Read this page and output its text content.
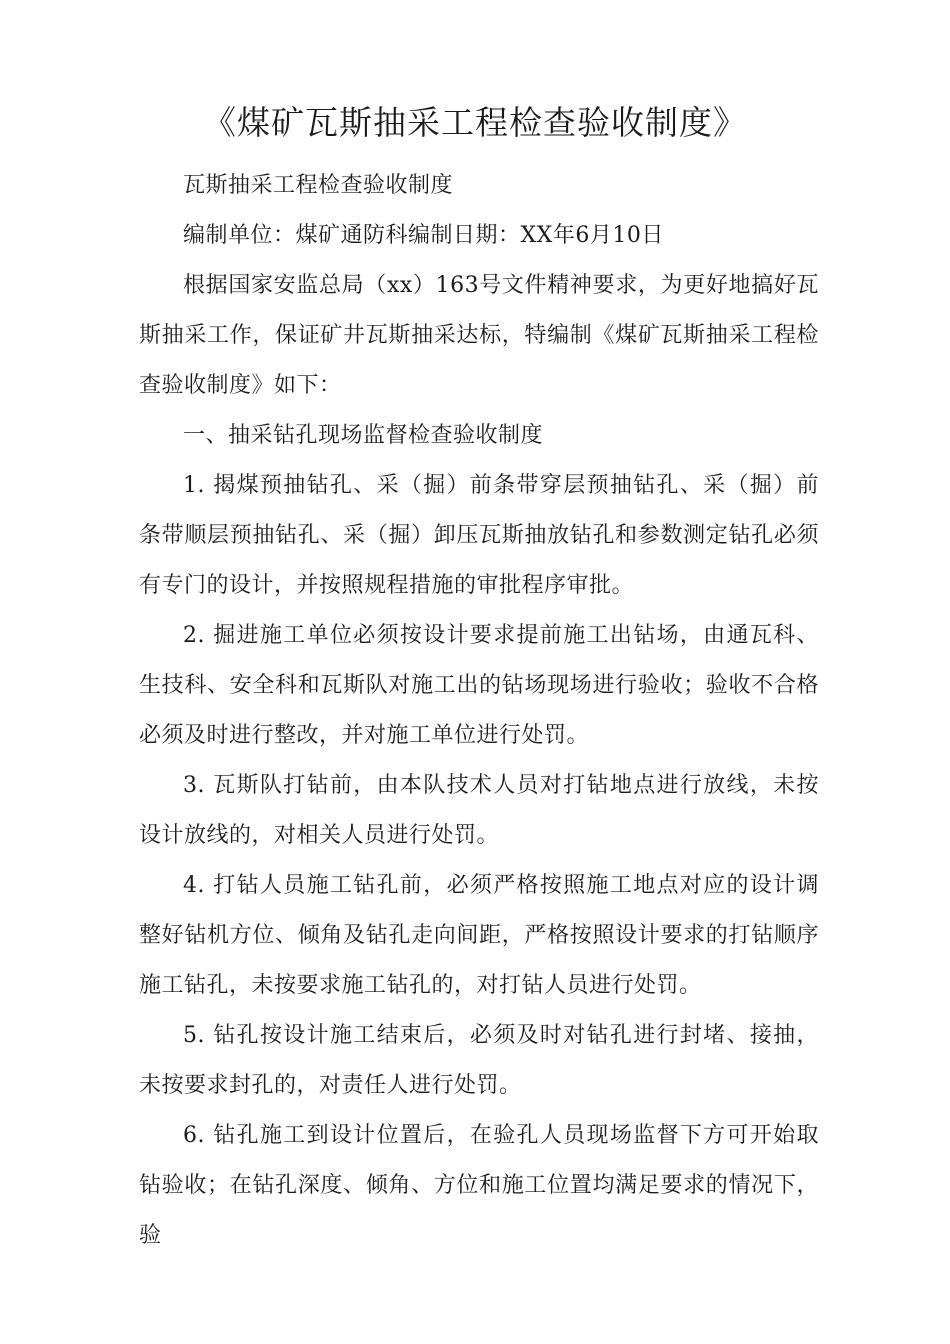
《煤矿瓦斯抽采工程检查验收制度》

瓦斯抽采工程检查验收制度

编制单位：煤矿通防科编制日期：XX年6月10日

根据国家安监总局（xx）163号文件精神要求，为更好地搞好瓦斯抽采工作，保证矿井瓦斯抽采达标，特编制《煤矿瓦斯抽采工程检查验收制度》如下：

一、抽采钻孔现场监督检查验收制度

1. 揭煤预抽钻孔、采（掘）前条带穿层预抽钻孔、采（掘）前条带顺层预抽钻孔、采（掘）卸压瓦斯抽放钻孔和参数测定钻孔必须有专门的设计，并按照规程措施的审批程序审批。

2. 掘进施工单位必须按设计要求提前施工出钻场，由通瓦科、生技科、安全科和瓦斯队对施工出的钻场现场进行验收；验收不合格必须及时进行整改，并对施工单位进行处罚。

3. 瓦斯队打钻前，由本队技术人员对打钻地点进行放线，未按设计放线的，对相关人员进行处罚。

4. 打钻人员施工钻孔前，必须严格按照施工地点对应的设计调整好钻机方位、倾角及钻孔走向间距，严格按照设计要求的打钻顺序施工钻孔，未按要求施工钻孔的，对打钻人员进行处罚。

5. 钻孔按设计施工结束后，必须及时对钻孔进行封堵、接抽，未按要求封孔的，对责任人进行处罚。

6. 钻孔施工到设计位置后，在验孔人员现场监督下方可开始取钻验收；在钻孔深度、倾角、方位和施工位置均满足要求的情况下，验
